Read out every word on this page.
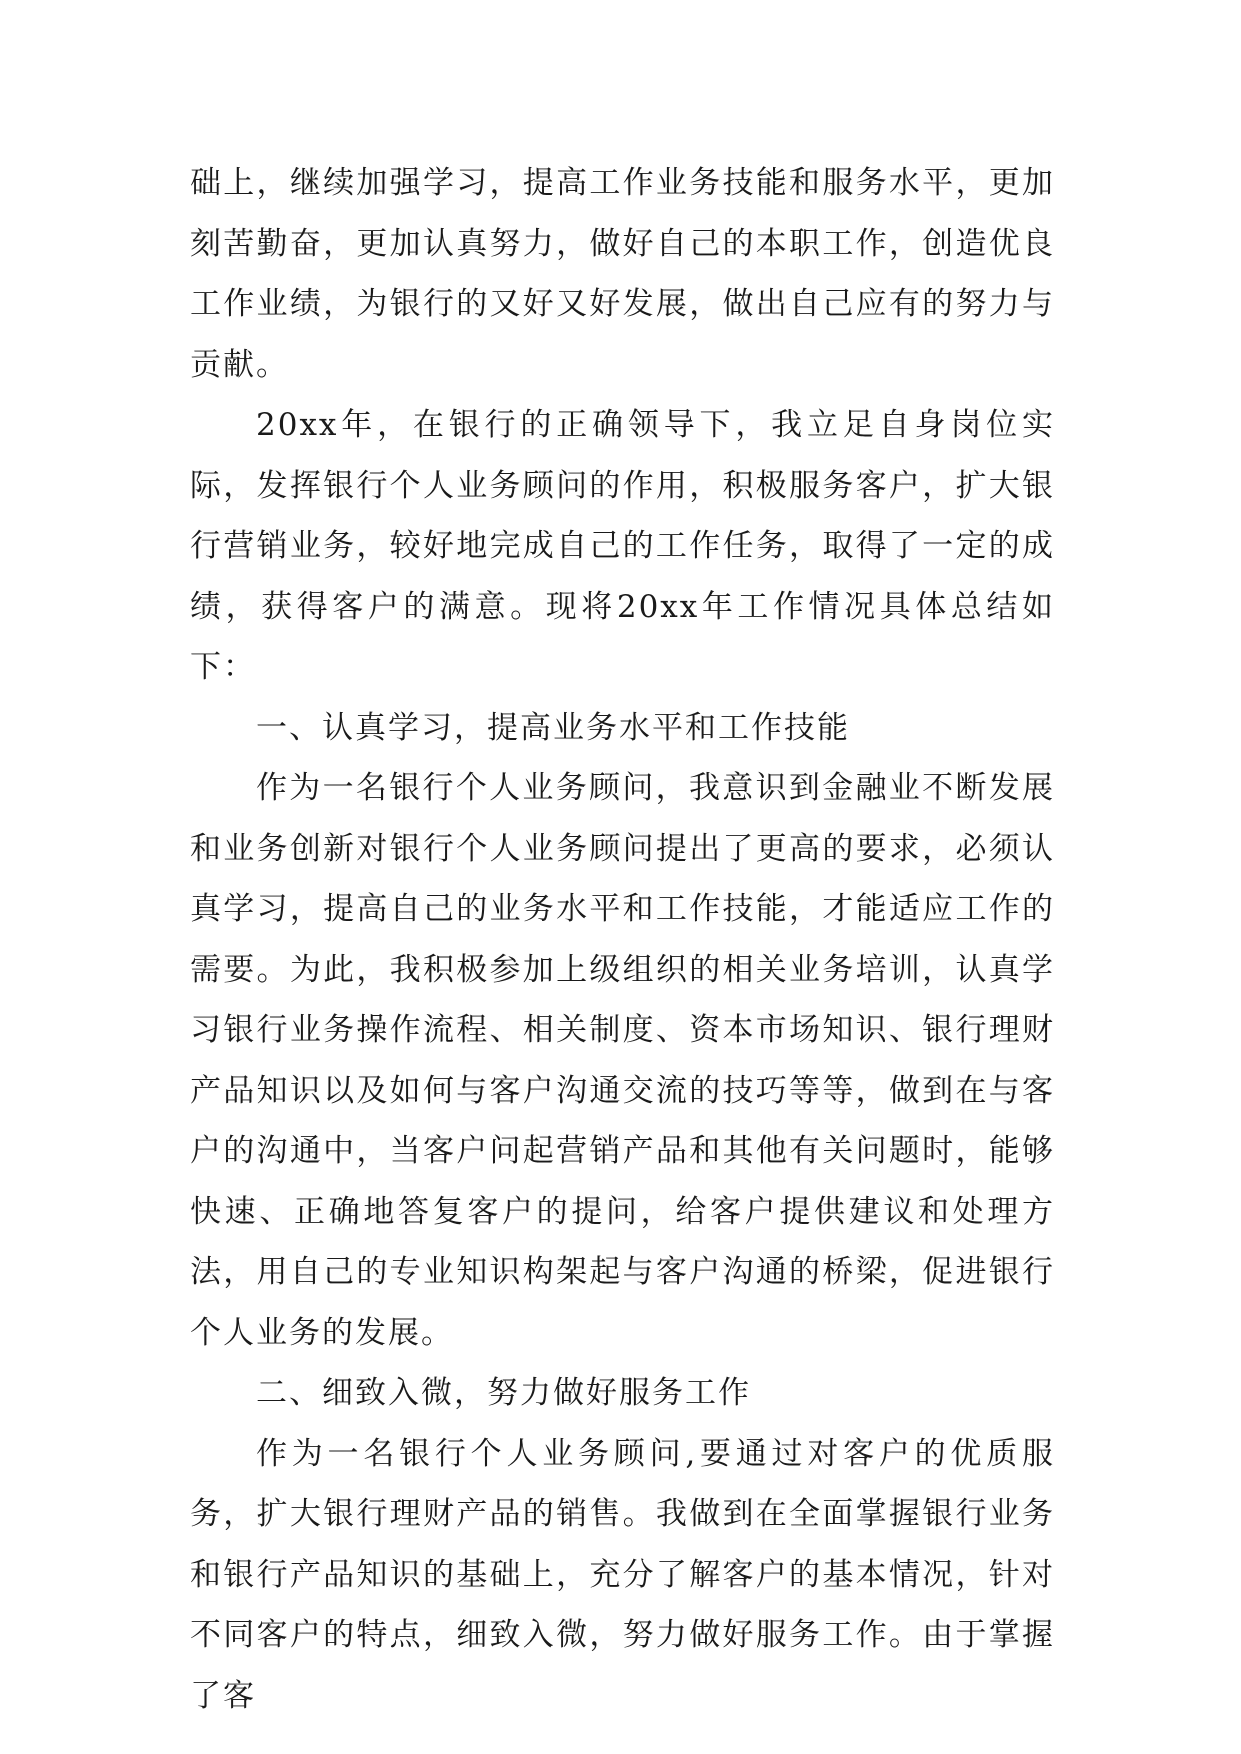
础上，继续加强学习，提高工作业务技能和服务水平，更加刻苦勤奋，更加认真努力，做好自己的本职工作，创造优良工作业绩，为银行的又好又好发展，做出自己应有的努力与贡献。

20xx年，在银行的正确领导下，我立足自身岗位实际，发挥银行个人业务顾问的作用，积极服务客户，扩大银行营销业务，较好地完成自己的工作任务，取得了一定的成绩，获得客户的满意。现将20xx年工作情况具体总结如下：

一、认真学习，提高业务水平和工作技能

作为一名银行个人业务顾问，我意识到金融业不断发展和业务创新对银行个人业务顾问提出了更高的要求，必须认真学习，提高自己的业务水平和工作技能，才能适应工作的需要。为此，我积极参加上级组织的相关业务培训，认真学习银行业务操作流程、相关制度、资本市场知识、银行理财产品知识以及如何与客户沟通交流的技巧等等，做到在与客户的沟通中，当客户问起营销产品和其他有关问题时，能够快速、正确地答复客户的提问，给客户提供建议和处理方法，用自己的专业知识构架起与客户沟通的桥梁，促进银行个人业务的发展。

二、细致入微，努力做好服务工作

作为一名银行个人业务顾问,要通过对客户的优质服务，扩大银行理财产品的销售。我做到在全面掌握银行业务和银行产品知识的基础上，充分了解客户的基本情况，针对不同客户的特点，细致入微，努力做好服务工作。由于掌握了客
